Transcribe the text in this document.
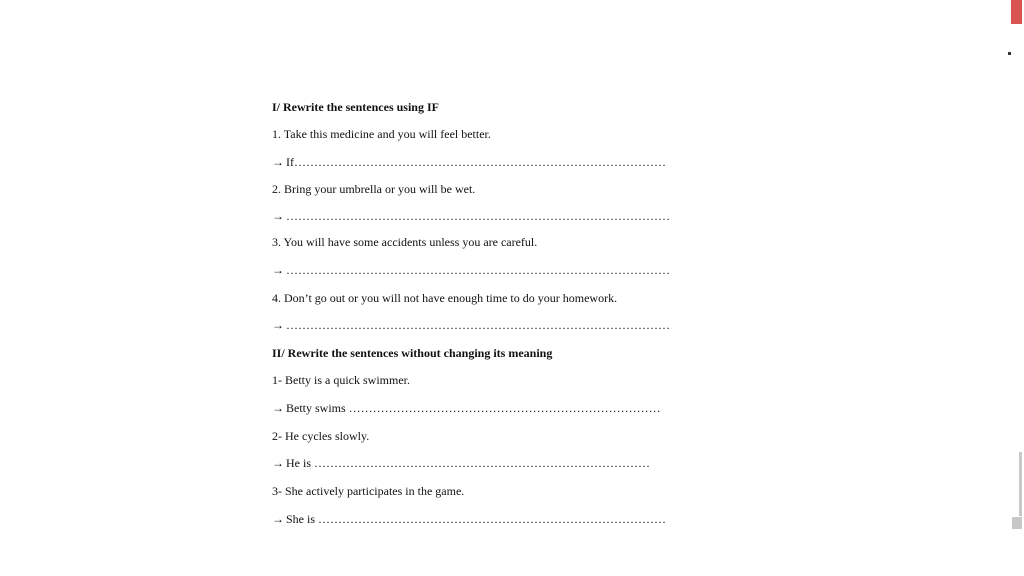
I/ Rewrite the sentences using IF
1. Take this medicine and you will feel better.
→ If…………………………………………………………………………………
2. Bring your umbrella or you will be wet.
→ ……………………………………………………………………………………
3. You will have some accidents unless you are careful.
→ ……………………………………………………………………………………
4. Don’t go out or you will not have enough time to do your homework.
→ ……………………………………………………………………………………
II/ Rewrite the sentences without changing its meaning
1- Betty is a quick swimmer.
→ Betty swims ……………………………………………………………………
2- He cycles slowly.
→ He is …………………………………………………………………………
3- She actively participates in the game.
→ She is ……………………………………………………………………………
